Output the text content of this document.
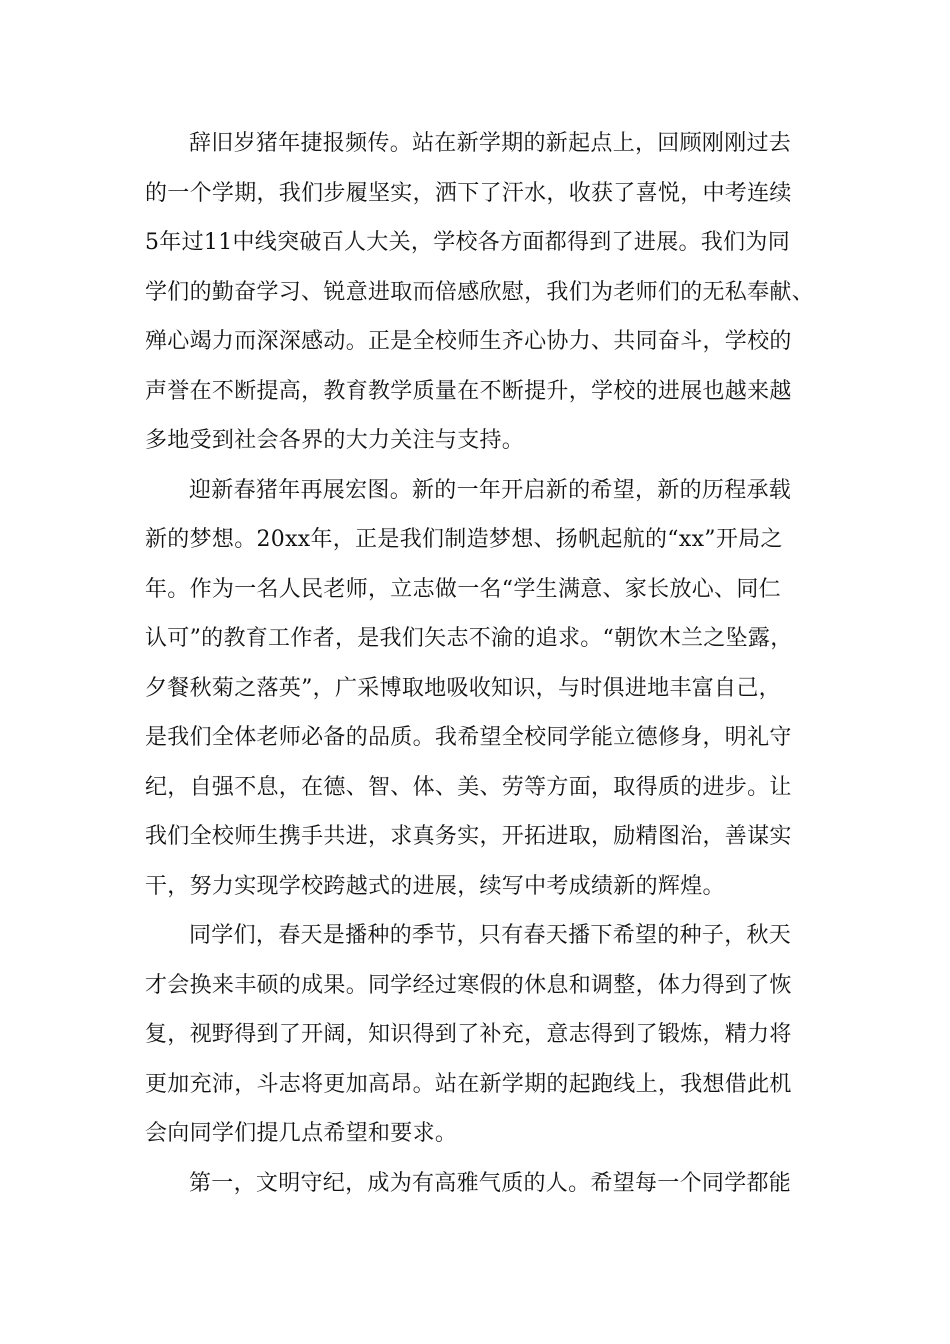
辞旧岁猪年捷报频传。站在新学期的新起点上，回顾刚刚过去
的一个学期，我们步履坚实，洒下了汗水，收获了喜悦，中考连续
5年过11中线突破百人大关，学校各方面都得到了进展。我们为同
学们的勤奋学习、锐意进取而倍感欣慰，我们为老师们的无私奉献、
殚心竭力而深深感动。正是全校师生齐心协力、共同奋斗，学校的
声誉在不断提高，教育教学质量在不断提升，学校的进展也越来越
多地受到社会各界的大力关注与支持。
迎新春猪年再展宏图。新的一年开启新的希望，新的历程承载
新的梦想。20xx年，正是我们制造梦想、扬帆起航的“xx”开局之
年。作为一名人民老师，立志做一名“学生满意、家长放心、同仁
认可”的教育工作者，是我们矢志不渝的追求。“朝饮木兰之坠露，
夕餐秋菊之落英”，广采博取地吸收知识，与时俱进地丰富自己，
是我们全体老师必备的品质。我希望全校同学能立德修身，明礼守
纪，自强不息，在德、智、体、美、劳等方面，取得质的进步。让
我们全校师生携手共进，求真务实，开拓进取，励精图治，善谋实
干，努力实现学校跨越式的进展，续写中考成绩新的辉煌。
同学们，春天是播种的季节，只有春天播下希望的种子，秋天
才会换来丰硕的成果。同学经过寒假的休息和调整，体力得到了恢
复，视野得到了开阔，知识得到了补充，意志得到了锻炼，精力将
更加充沛，斗志将更加高昂。站在新学期的起跑线上，我想借此机
会向同学们提几点希望和要求。
第一，文明守纪，成为有高雅气质的人。希望每一个同学都能
